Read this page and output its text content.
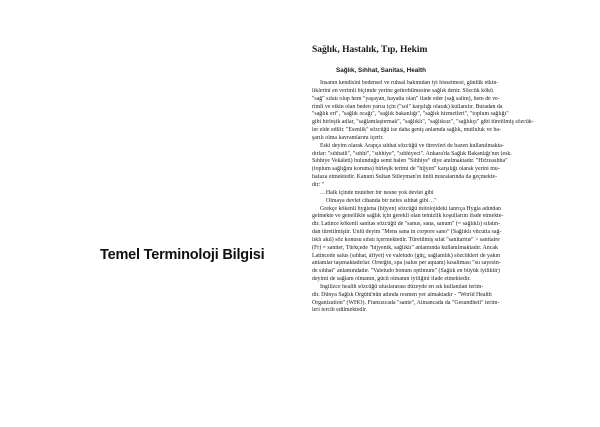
Temel Terminoloji Bilgisi
Sağlık, Hastalık, Tıp, Hekim
Sağlık, Sıhhat, Sanitas, Health
İnsanın kendisini bedensel ve ruhsal bakımdan iyi hissetmesi, günlük etkin-
liklerini en verimli biçimde yerine getirebilmesine sağlık denir. Sözcük kökü
"sağ" sıfatı olup hem "yaşayan, hayatta olan" ifade eder (sağ salim), hem de ve-
rimli ve etkin olan beden yarısı için ("sol" karşılığı olarak) kullanılır. Buradan da
"sağlık eri", "sağlık ocağı", "sağlık bakanlığı", "sağlık hizmetleri", "toplum sağlığı"
gibi birleşik adlar, "sağlamlaştırmak", "sağlıklı", "sağlıksız", "sağlıkçı" gibi türetilmiş sözcük-
ler elde edilir. "Esenlik" sözcüğü ise daha geniş anlamda sağlık, mutluluk ve ba-
şarılı olma kavramlarını içerir.
Eski deyim olarak Arapça sıhhat sözcüğü ve türevleri de bazen kullanılmakta-
dırlar: "sıhhatli", "sıhhî", "sıhhiye", "sıhhiyeci". Ankara'da Sağlık Bakanlığı'nın (esk.
Sıhhiye Vekâleti) bulunduğu semt halen "Sıhhiye" diye anılmaktadır. "Hıfzıssıhha"
(toplum sağlığını koruma) birleşik terimi de "hijyen" karşılığı olarak yerini mu-
hafaza etmektedir. Kanunî Sultan Süleyman'ın ünlü mısralarında da geçmekte-
dir: "
…Halk içinde muteber bir nesne yok devlet gibi
Olmaya devlet cihanda bir nefes sıhhat gibi…"
Grekçe kökenli hygiena (hijyen) sözcüğü mitolojideki tanrıça Hygia adından
gelmekte ve genellikle sağlık için gerekli olan temizlik koşullarını ifade etmekte-
dir. Latince kökenli sanitas sözcüğü de "sanus, sana, sanum" (= sağlıklı) sıfatın-
dan türetilmiştir. Ünlü deyim "Mens sana in corpore sano" (Sağlıklı vücutta sağ-
lıklı akıl) söz konusu sıfatı içermektedir. Türetilmiş sıfat "sanitarius" > sanitaire
(Fr) = saniter, Türkçede "hijyenik, sağlıklı" anlamında kullanılmaktadır. Ancak
Latincede salus (sıhhat, âfiyet) ve valetudo (güç, sağlamlık) sözcükleri de yakın
anlamlar taşımaktadırlar. Örneğin, spa (salus per aquam) kısaltması "su sayesin-
de sıhhat" anlamındadır. "Valetudo bonum optimum" (Sağlık en büyük iyiliktir)
deyimi de sağlam olmanın, gücü olmanın iyiliğini ifade etmektedir.
İngilizce health sözcüğü uluslararası düzeyde en sık kullanılan terim-
dir. Dünya Sağlık Örgütü'nün adında resmen yer almaktadır - "World Health
Organization" (WHO). Fransızcada "santé", Almancada da "Gesundheit" terim-
leri tercih edilmektedir.
